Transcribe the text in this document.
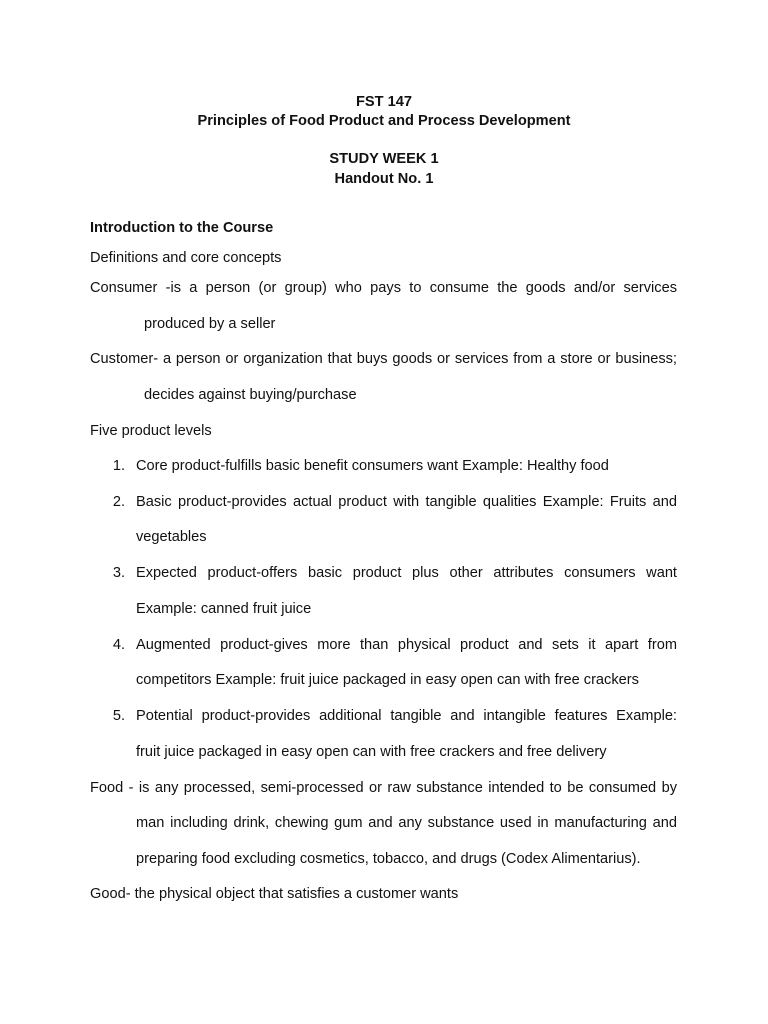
FST 147
Principles of Food Product and Process Development
STUDY WEEK 1
Handout No. 1
Introduction to the Course
Definitions and core concepts
Consumer -is a person (or group) who pays to consume the goods and/or services
produced by a seller
Customer- a person or organization that buys goods or services from a store or business;
decides against buying/purchase
Five product levels
1. Core product-fulfills basic benefit consumers want Example: Healthy food
2. Basic product-provides actual product with tangible qualities Example: Fruits and
vegetables
3. Expected product-offers basic product plus other attributes consumers want
Example: canned fruit juice
4. Augmented product-gives more than physical product and sets it apart from
competitors Example: fruit juice packaged in easy open can with free crackers
5. Potential product-provides additional tangible and intangible features Example:
fruit juice packaged in easy open can with free crackers and free delivery
Food - is any processed, semi-processed or raw substance intended to be consumed by
man including drink, chewing gum and any substance used in manufacturing and
preparing food excluding cosmetics, tobacco, and drugs (Codex Alimentarius).
Good- the physical object that satisfies a customer wants
